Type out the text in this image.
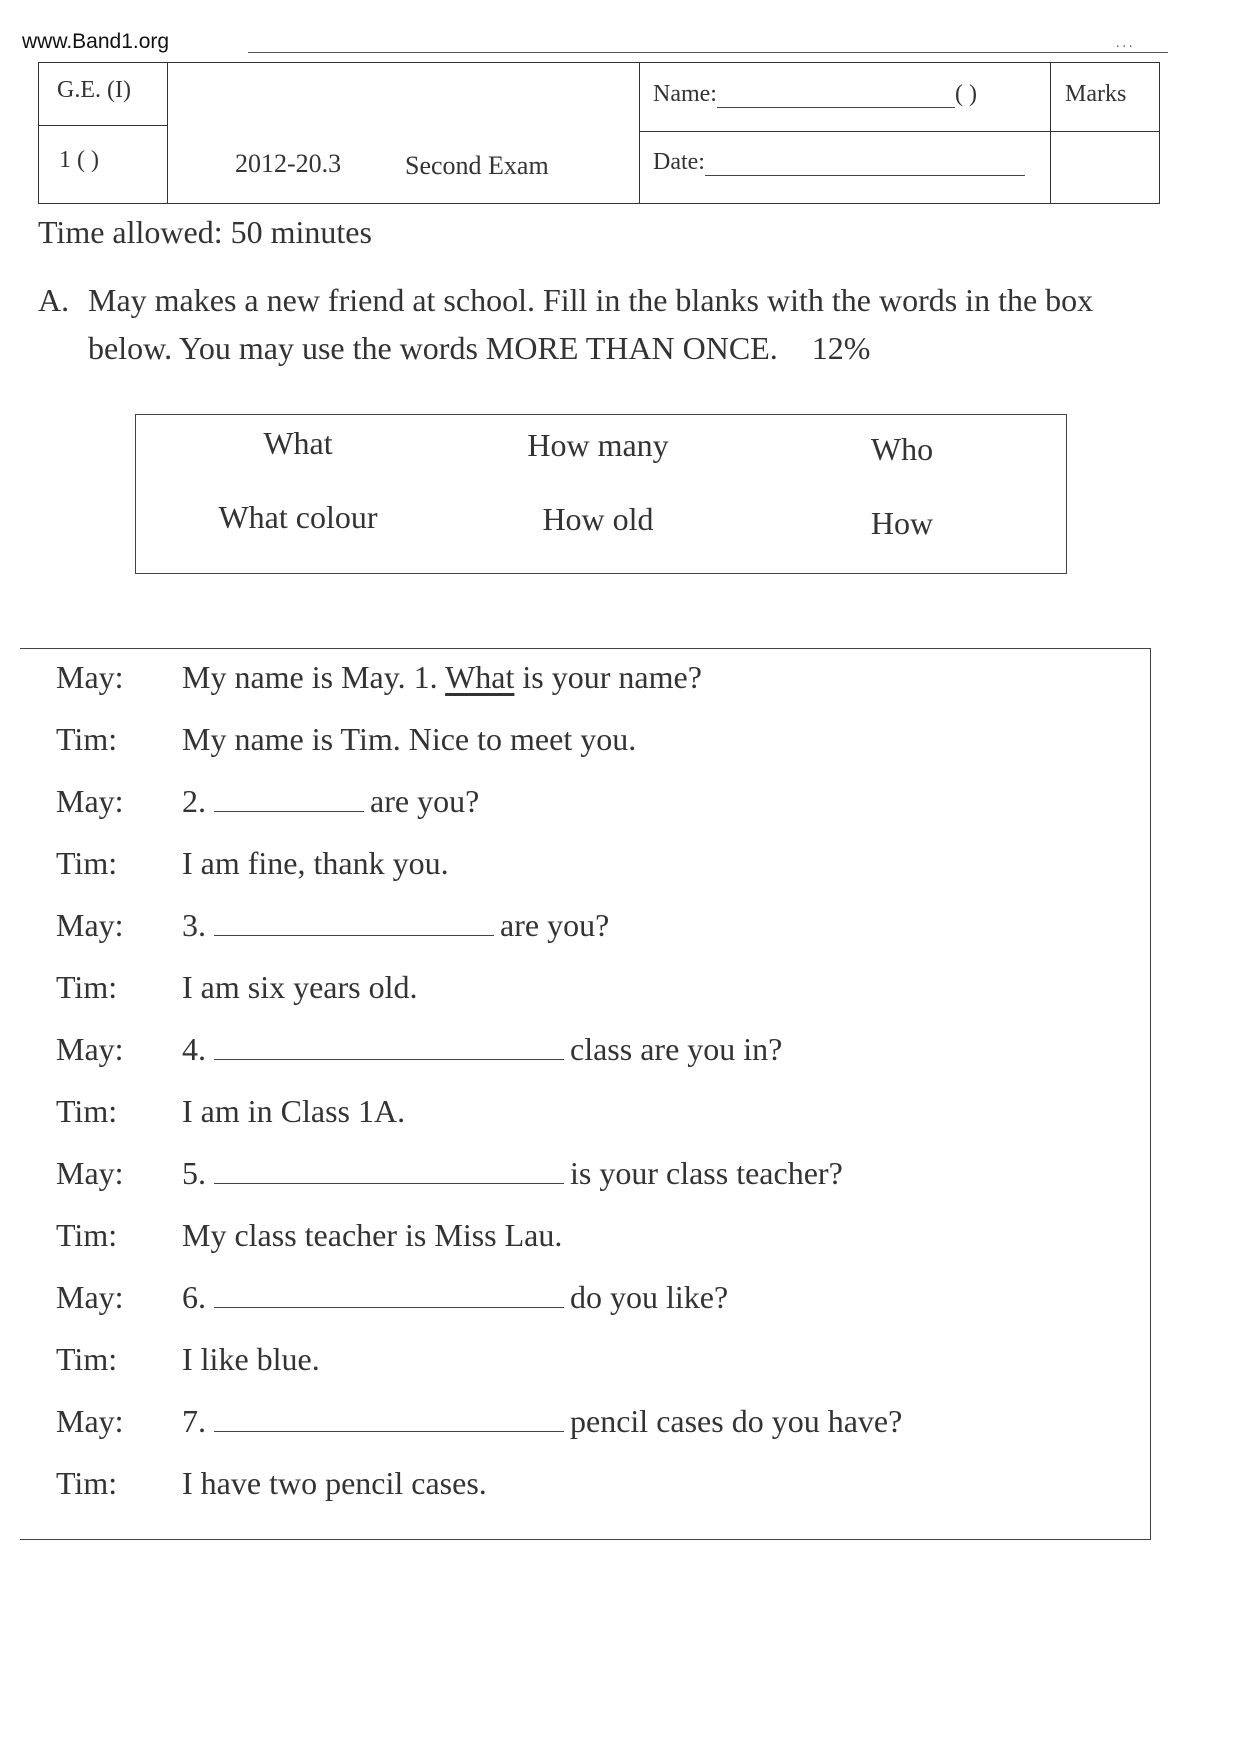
www.Band1.org	...
G.E. (I)
1 ( )	2012-20.3 Second Exam
Name:	( )	Marks
Date:
Time allowed: 50 minutes
A. May makes a new friend at school. Fill in the blanks with the words in the box below. You may use the words MORE THAN ONCE. 12%
What	How many	Who
What colour	How old	How
May: My name is May. 1. What is your name?
Tim: My name is Tim. Nice to meet you.
May: 2.	are you?
Tim: I am fine, thank you.
May: 3.	are you?
Tim: I am six years old.
May: 4.	class are you in?
Tim: I am in Class 1A.
May: 5.	is your class teacher?
Tim: My class teacher is Miss Lau.
May: 6.	do you like?
Tim: I like blue.
May: 7.	pencil cases do you have?
Tim: I have two pencil cases.
